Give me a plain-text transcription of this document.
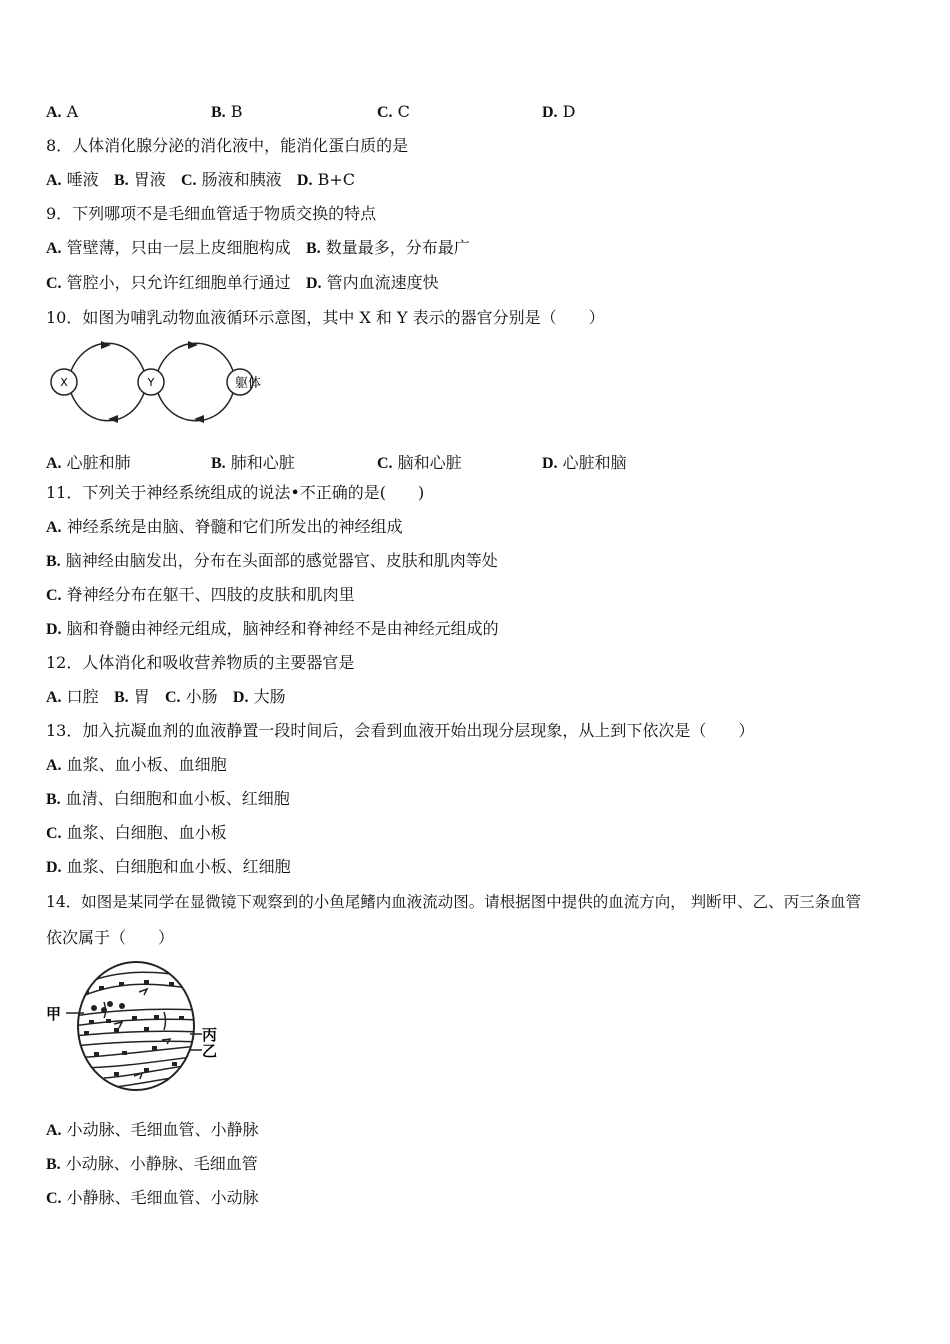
A. A	B. B	C. C	D. D
8．人体消化腺分泌的消化液中，能消化蛋白质的是
A. 唾液 B. 胃液 C. 肠液和胰液 D. B+C
9．下列哪项不是毛细血管适于物质交换的特点
A. 管壁薄，只由一层上皮细胞构成 B. 数量最多，分布最广
C. 管腔小，只允许红细胞单行通过 D. 管内血流速度快
10．如图为哺乳动物血液循环示意图，其中 X 和 Y 表示的器官分别是（　　）
X	Y	躯体
A. 心脏和肺	B. 肺和心脏	C. 脑和心脏	D. 心脏和脑
11．下列关于神经系统组成的说法•不正确的是(　　)
A. 神经系统是由脑、脊髓和它们所发出的神经组成
B. 脑神经由脑发出，分布在头面部的感觉器官、皮肤和肌肉等处
C. 脊神经分布在躯干、四肢的皮肤和肌肉里
D. 脑和脊髓由神经元组成，脑神经和脊神经不是由神经元组成的
12．人体消化和吸收营养物质的主要器官是
A. 口腔 B. 胃 C. 小肠 D. 大肠
13．加入抗凝血剂的血液静置一段时间后，会看到血液开始出现分层现象，从上到下依次是（　　）
A. 血浆、血小板、血细胞
B. 血清、白细胞和血小板、红细胞
C. 血浆、白细胞、血小板
D. 血浆、白细胞和血小板、红细胞
14．如图是某同学在显微镜下观察到的小鱼尾鳍内血液流动图。请根据图中提供的血流方向， 判断甲、乙、丙三条血管
依次属于（　　）
甲
丙
乙
A. 小动脉、毛细血管、小静脉
B. 小动脉、小静脉、毛细血管
C. 小静脉、毛细血管、小动脉
